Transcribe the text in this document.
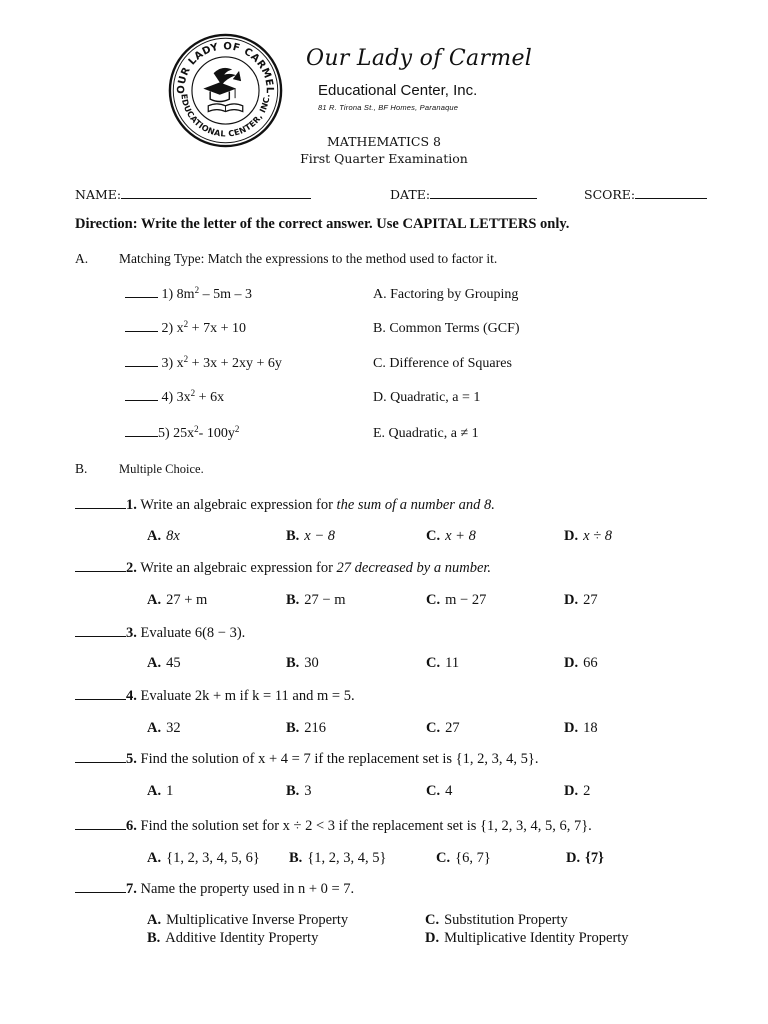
OUR LADY OF CARMEL
EDUCATIONAL CENTER, INC.
Our Lady of Carmel
Educational Center, Inc.
81 R. Tirona St., BF Homes, Paranaque
MATHEMATICS 8
First Quarter Examination
NAME:	DATE:	SCORE:
Direction: Write the letter of the correct answer. Use CAPITAL LETTERS only.
A. Matching Type: Match the expressions to the method used to factor it.
1) $8m^2 - 5m - 3$
2) $x^2 + 7x + 10$
3) $x^2 + 3x + 2xy + 6y$
4) $3x^2 + 6x$
5) $25x^2-$ $100y^2$
A. Factoring by Grouping
B. Common Terms (GCF)
C. Difference of Squares
D. Quadratic, a = 1
E. Quadratic, a ≠ 1
B.	Multiple Choice.
1. Write an algebraic expression for the sum of a number and 8.
A. 8x	B. x − 8	C. x + 8	D. x ÷ 8
2. Write an algebraic expression for 27 decreased by a number.
A. 27 + m	B. 27 − m	C. m − 27	D. 27
3. Evaluate 6(8 − 3).
A. 45	B. 30	C. 11	D. 66
4. Evaluate 2k + m if k = 11 and m = 5.
A. 32	B. 216	C. 27	D. 18
5. Find the solution of x + 4 = 7 if the replacement set is {1, 2, 3, 4, 5}.
A. 1	B. 3	C. 4	D. 2
6. Find the solution set for x ÷ 2 < 3 if the replacement set is {1, 2, 3, 4, 5, 6, 7}.
A. {1, 2, 3, 4, 5, 6} B. {1, 2, 3, 4, 5}	C. {6, 7}	D. {7}
7. Name the property used in n + 0 = 7.
A. Multiplicative Inverse Property	C. Substitution Property
B. Additive Identity Property	D. Multiplicative Identity Property
